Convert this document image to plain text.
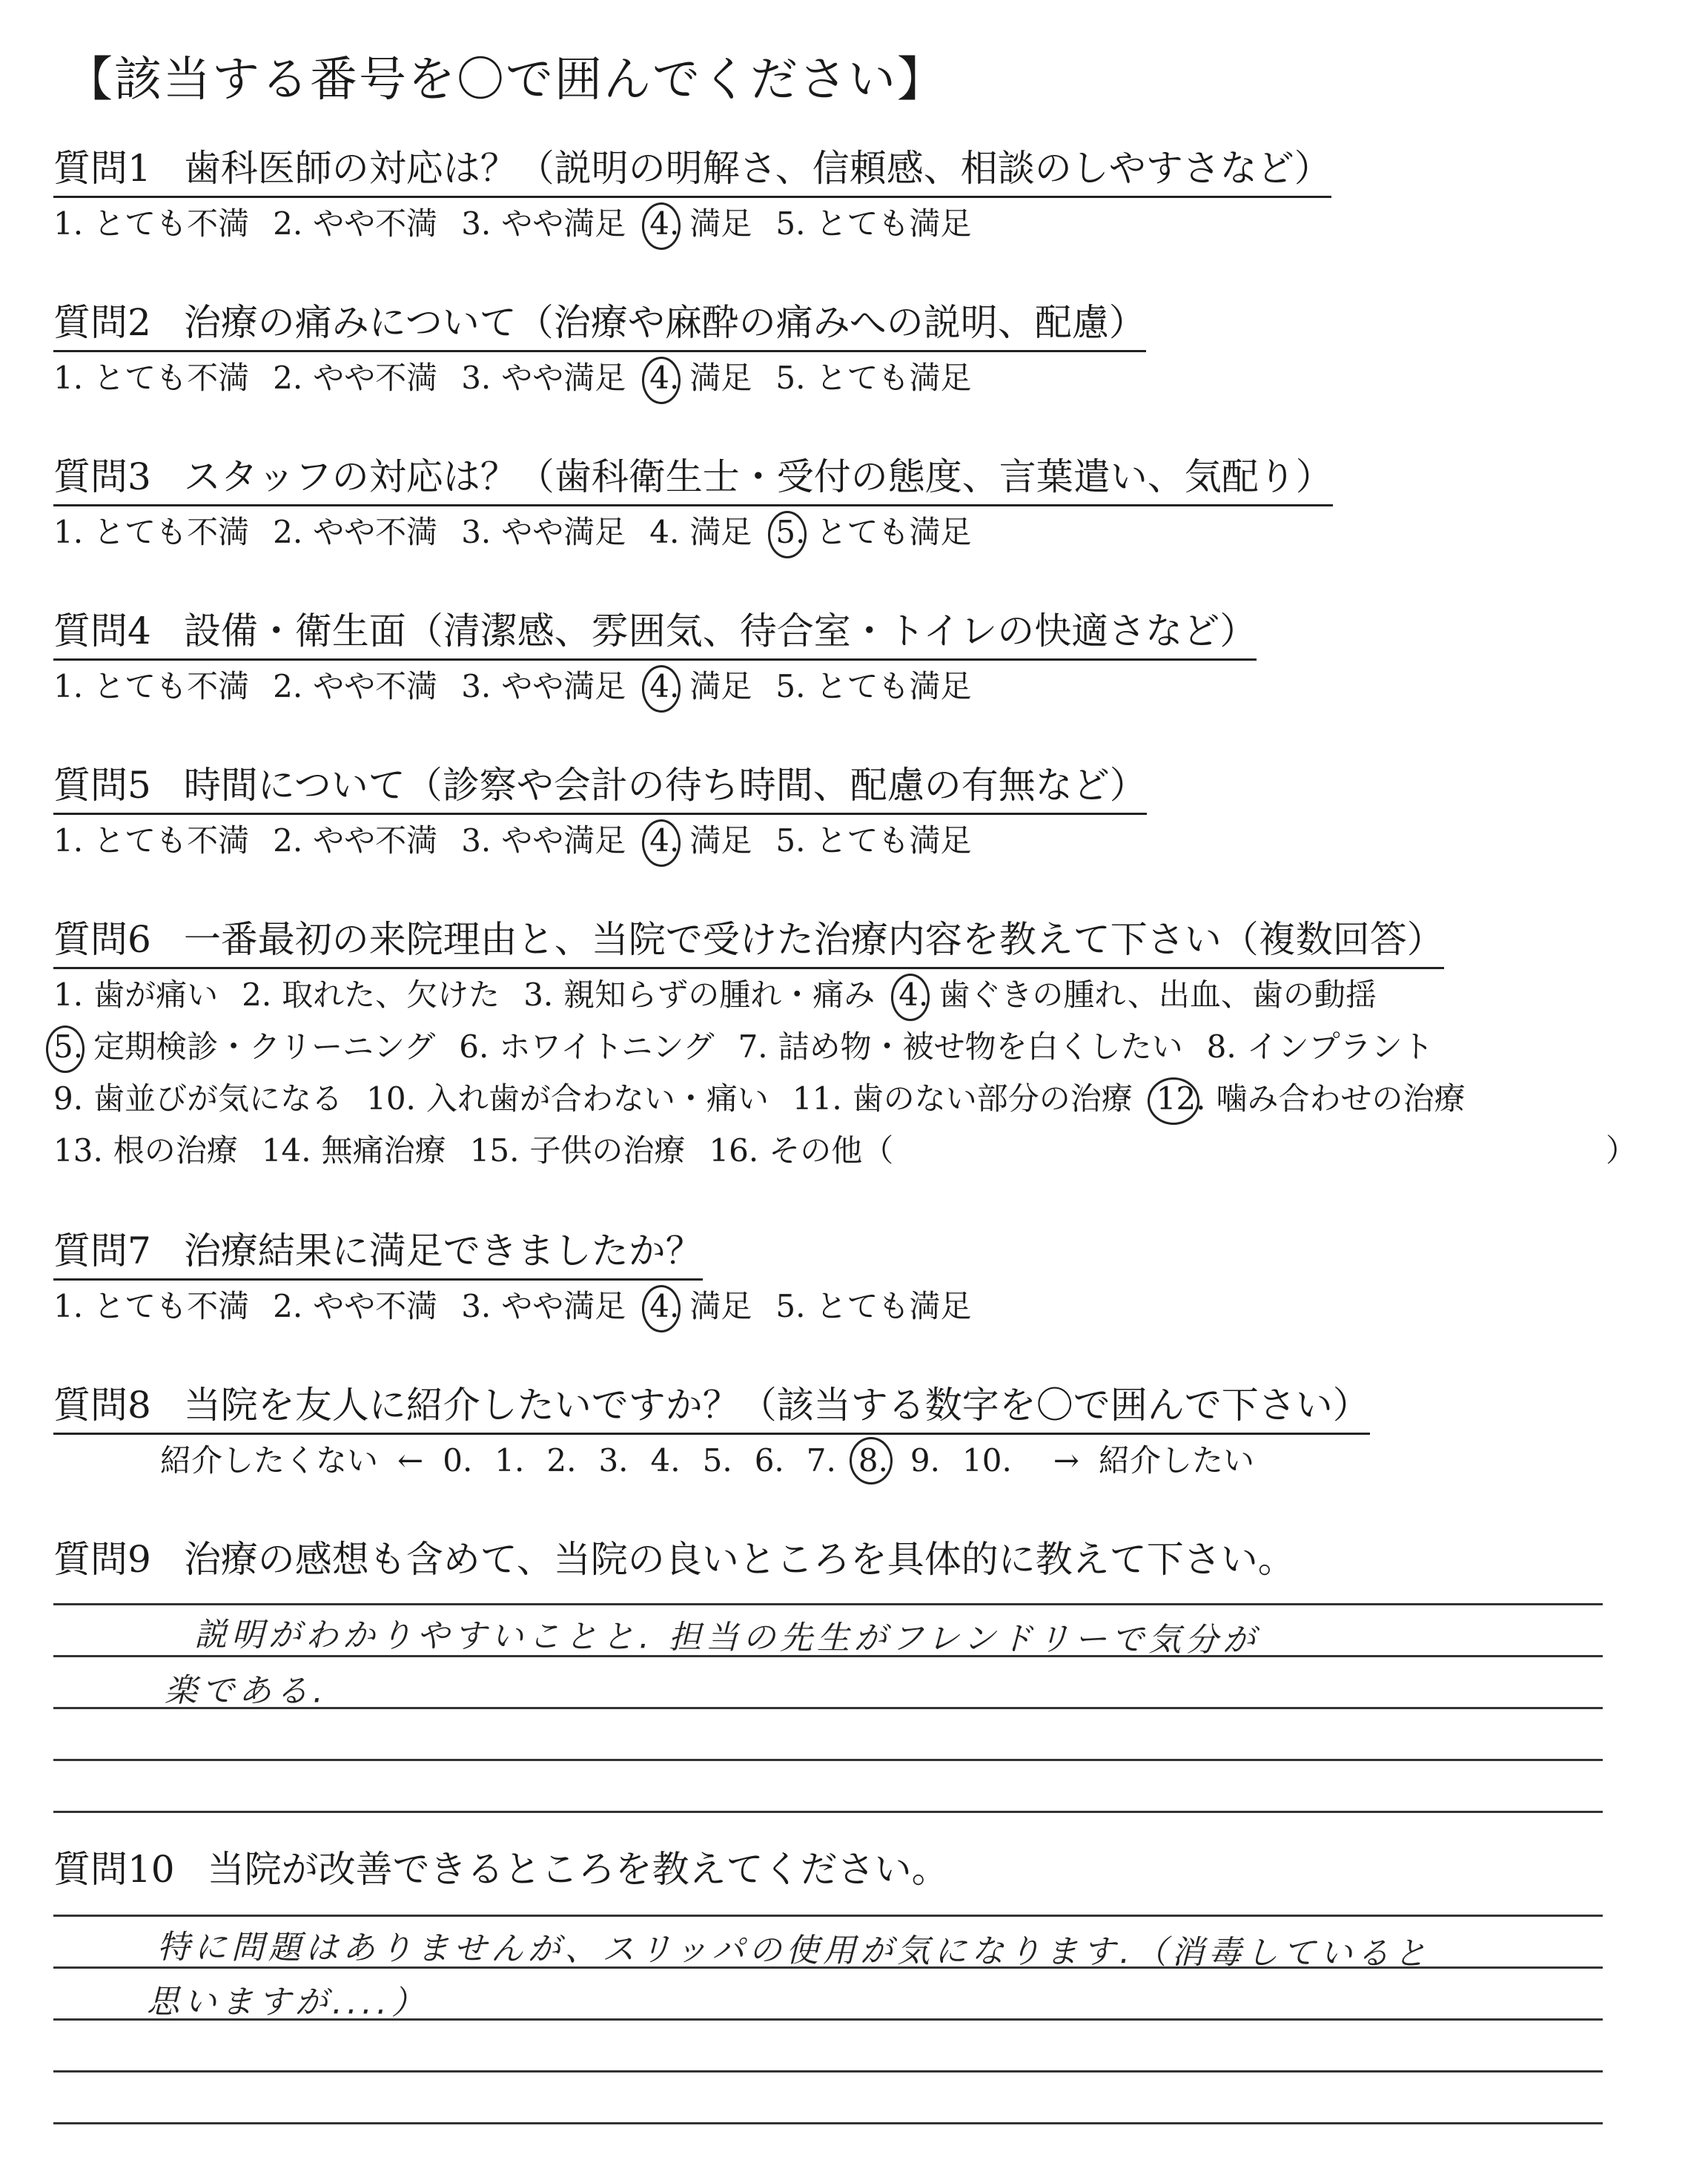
【該当する番号を〇で囲んでください】
質問1 歯科医師の対応は？（説明の明解さ、信頼感、相談のしやすさなど）
1. とても不満 2. やや不満 3. やや満足 4. 満足 5. とても満足
質問2 治療の痛みについて（治療や麻酔の痛みへの説明、配慮）
1. とても不満 2. やや不満 3. やや満足 4. 満足 5. とても満足
質問3 スタッフの対応は？（歯科衛生士・受付の態度、言葉遣い、気配り）
1. とても不満 2. やや不満 3. やや満足 4. 満足 5. とても満足
質問4 設備・衛生面（清潔感、雰囲気、待合室・トイレの快適さなど）
1. とても不満 2. やや不満 3. やや満足 4. 満足 5. とても満足
質問5 時間について（診察や会計の待ち時間、配慮の有無など）
1. とても不満 2. やや不満 3. やや満足 4. 満足 5. とても満足
質問6 一番最初の来院理由と、当院で受けた治療内容を教えて下さい（複数回答）
1. 歯が痛い 2. 取れた、欠けた 3. 親知らずの腫れ・痛み 4. 歯ぐきの腫れ、出血、歯の動揺
5. 定期検診・クリーニング 6. ホワイトニング 7. 詰め物・被せ物を白くしたい 8. インプラント
9. 歯並びが気になる 10. 入れ歯が合わない・痛い 11. 歯のない部分の治療 12. 噛み合わせの治療
13. 根の治療 14. 無痛治療 15. 子供の治療 16. その他（	）
質問7 治療結果に満足できましたか？
1. とても不満 2. やや不満 3. やや満足 4. 満足 5. とても満足
質問8 当院を友人に紹介したいですか？（該当する数字を〇で囲んで下さい）
紹介したくない ← 0. 1. 2. 3. 4. 5. 6. 7. 8. 9. 10. → 紹介したい
質問9 治療の感想も含めて、当院の良いところを具体的に教えて下さい。
説明がわかりやすいことと. 担当の先生がフレンドリーで気分が
楽である.
質問10 当院が改善できるところを教えてください。
特に問題はありませんが、スリッパの使用が気になります.（消毒していると
思いますが....）
